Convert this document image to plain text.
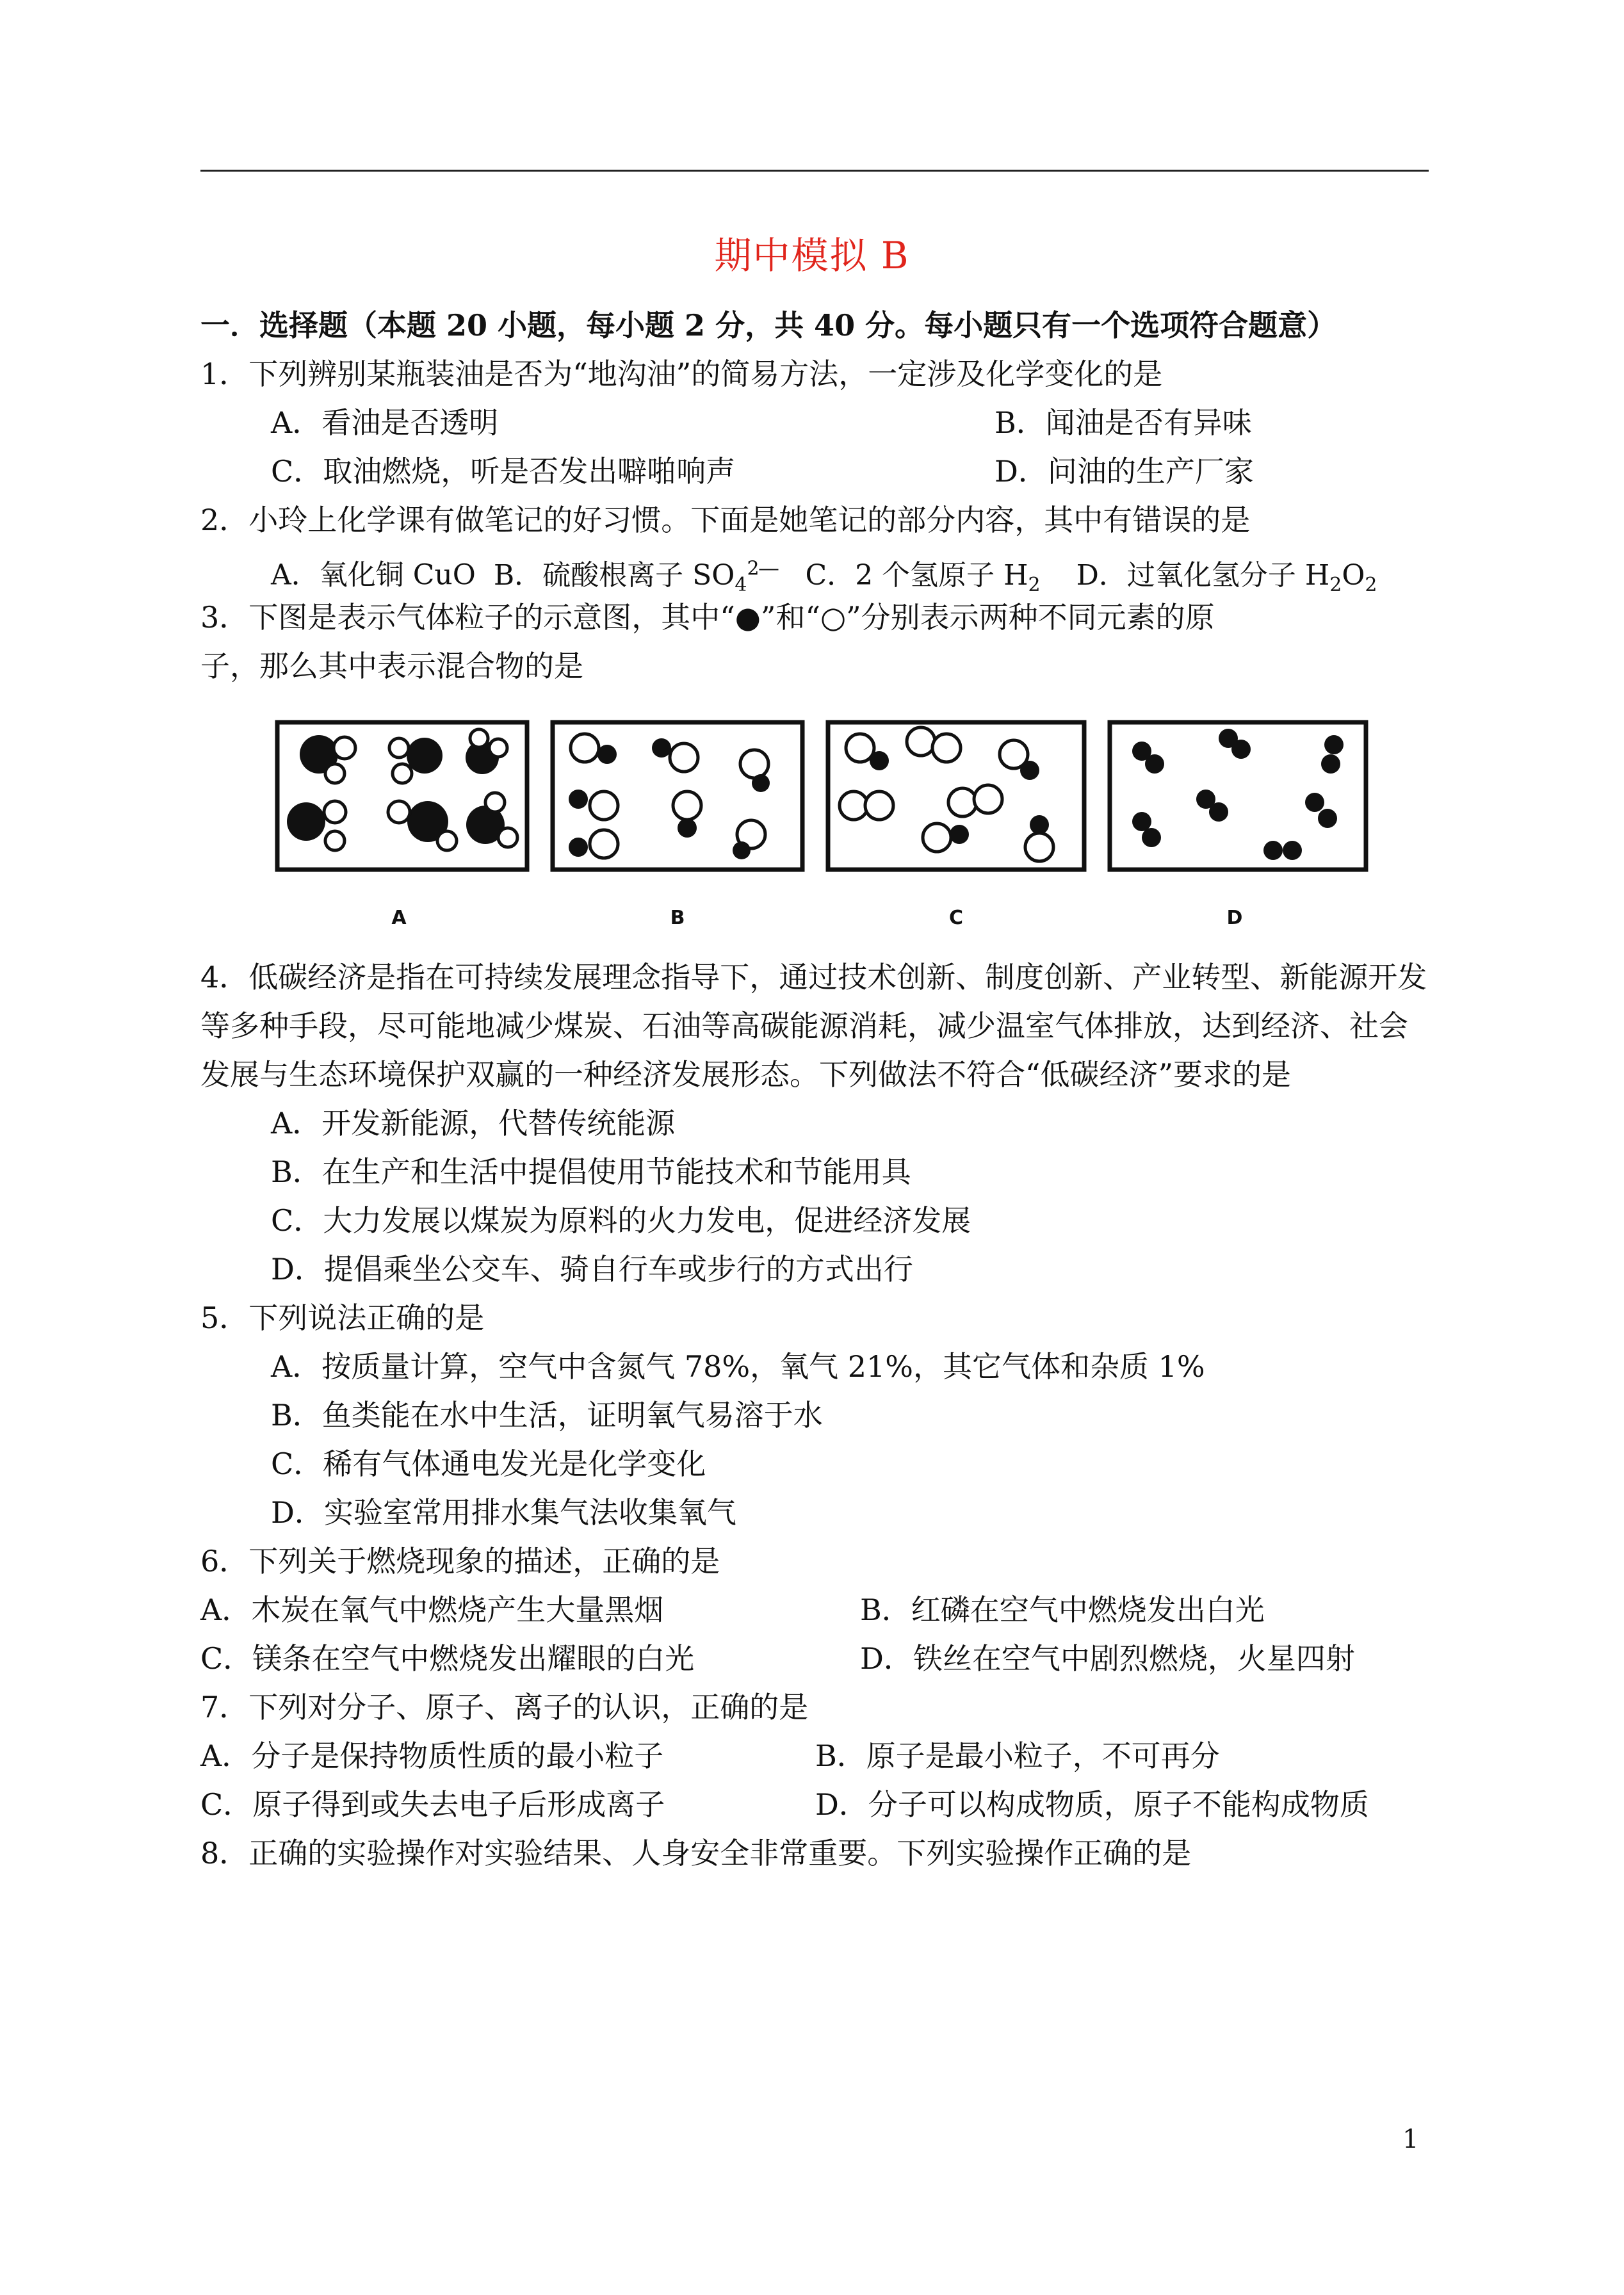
期中模拟 B
一．选择题（本题 20 小题，每小题 2 分，共 40 分。每小题只有一个选项符合题意）
1．下列辨别某瓶装油是否为“地沟油”的简易方法，一定涉及化学变化的是
A．看油是否透明	B．闻油是否有异味
C．取油燃烧，听是否发出噼啪响声	D．问油的生产厂家
2．小玲上化学课有做笔记的好习惯。下面是她笔记的部分内容，其中有错误的是
A．氧化铜 CuO B．硫酸根离子 $SO_4^{2―}$ C．2 个氢原子 $H_2$ D．过氧化氢分子 $H_2O_2$
3．下图是表示气体粒子的示意图，其中“●”和“○”分别表示两种不同元素的原
子，那么其中表示混合物的是
A	B	C	D
4．低碳经济是指在可持续发展理念指导下，通过技术创新、制度创新、产业转型、新能源开发等多种手段，尽可能地减少煤炭、石油等高碳能源消耗，减少温室气体排放，达到经济、社会发展与生态环境保护双赢的一种经济发展形态。下列做法不符合“低碳经济”要求的是
A．开发新能源，代替传统能源
B．在生产和生活中提倡使用节能技术和节能用具
C．大力发展以煤炭为原料的火力发电，促进经济发展
D．提倡乘坐公交车、骑自行车或步行的方式出行
5．下列说法正确的是
A．按质量计算，空气中含氮气 78%，氧气 21%，其它气体和杂质 1%
B．鱼类能在水中生活，证明氧气易溶于水
C．稀有气体通电发光是化学变化
D．实验室常用排水集气法收集氧气
6．下列关于燃烧现象的描述，正确的是
A．木炭在氧气中燃烧产生大量黑烟	B．红磷在空气中燃烧发出白光
C．镁条在空气中燃烧发出耀眼的白光	D．铁丝在空气中剧烈燃烧，火星四射
7．下列对分子、原子、离子的认识，正确的是
A．分子是保持物质性质的最小粒子	B．原子是最小粒子，不可再分
C．原子得到或失去电子后形成离子	D．分子可以构成物质，原子不能构成物质
8．正确的实验操作对实验结果、人身安全非常重要。下列实验操作正确的是
1
